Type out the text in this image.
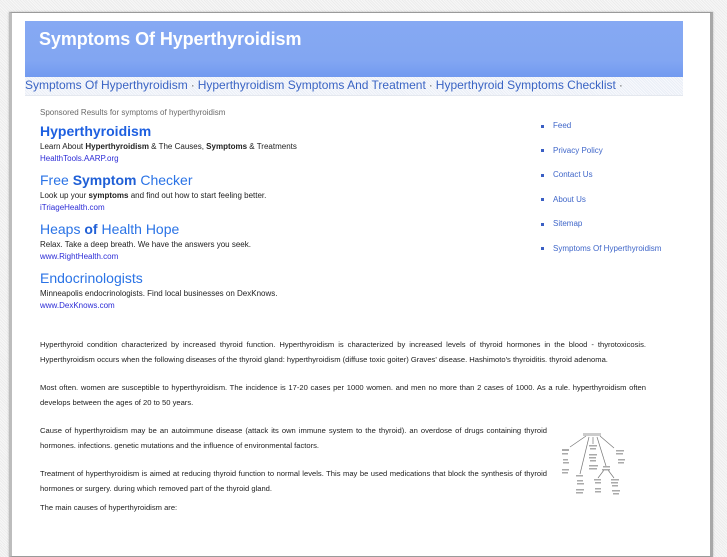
Symptoms Of Hyperthyroidism
Symptoms Of Hyperthyroidism · Hyperthyroidism Symptoms And Treatment · Hyperthyroid Symptoms Checklist ·
Sponsored Results for symptoms of hyperthyroidism
Hyperthyroidism
Learn About Hyperthyroidism & The Causes, Symptoms & Treatments
HealthTools.AARP.org
Free Symptom Checker
Look up your symptoms and find out how to start feeling better.
iTriageHealth.com
Heaps of Health Hope
Relax. Take a deep breath. We have the answers you seek.
www.RightHealth.com
Endocrinologists
Minneapolis endocrinologists. Find local businesses on DexKnows.
www.DexKnows.com
Feed
Privacy Policy
Contact Us
About Us
Sitemap
Symptoms Of Hyperthyroidism

Hyperthyroid condition characterized by increased thyroid function. Hyperthyroidism is characterized by increased levels of thyroid hormones in the blood - thyrotoxicosis. Hyperthyroidism occurs when the following diseases of the thyroid gland: hyperthyroidism (diffuse toxic goiter) Graves' disease. Hashimoto's thyroiditis. thyroid adenoma.

Most often. women are susceptible to hyperthyroidism. The incidence is 17-20 cases per 1000 women. and men no more than 2 cases of 1000. As a rule. hyperthyroidism often develops between the ages of 20 to 50 years.

Cause of hyperthyroidism may be an autoimmune disease (attack its own immune system to the thyroid). an overdose of drugs containing thyroid hormones. infections. genetic mutations and the influence of environmental factors.

Treatment of hyperthyroidism is aimed at reducing thyroid function to normal levels. This may be used medications that block the synthesis of thyroid hormones or surgery. during which removed part of the thyroid gland.

The main causes of hyperthyroidism are:
